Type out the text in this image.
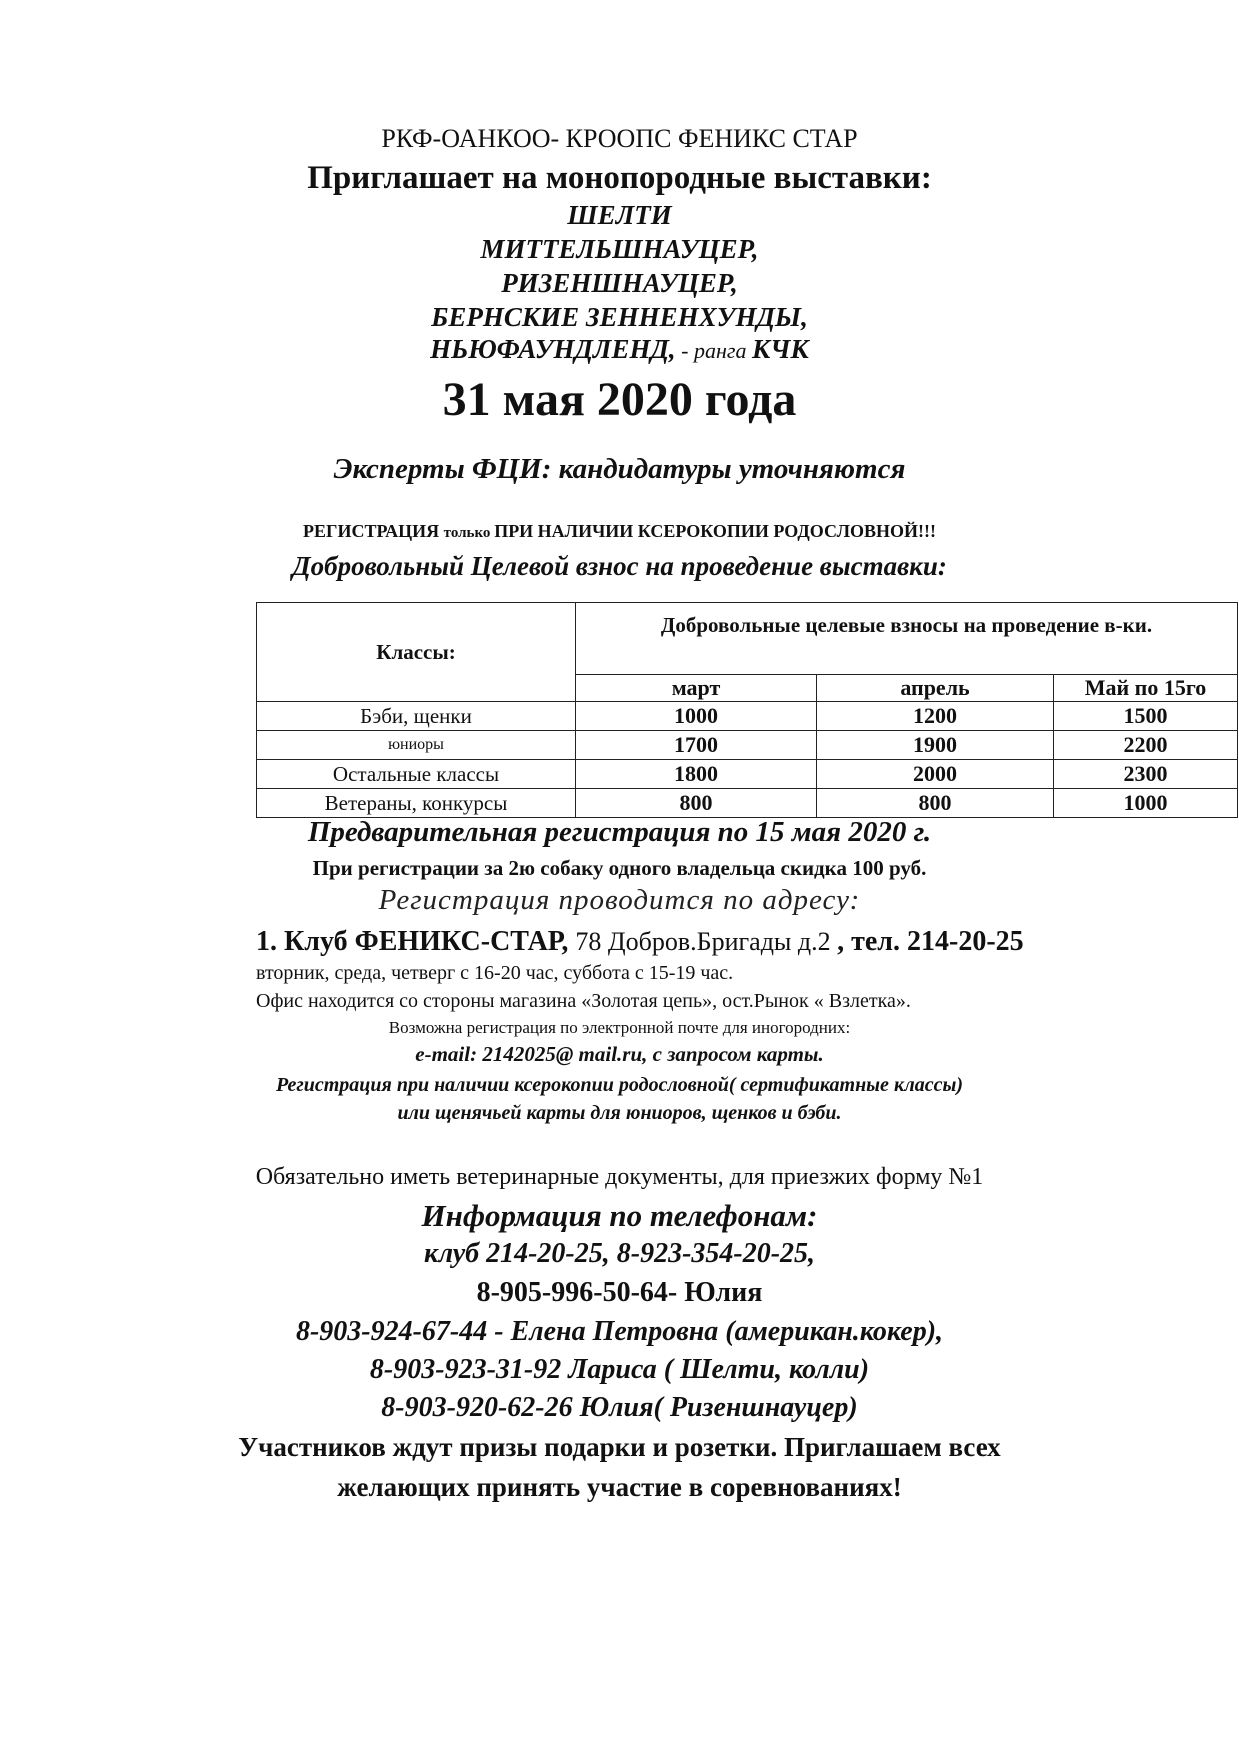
РКФ-ОАНКОО- КРООПС ФЕНИКС СТАР
Приглашает на монопородные выставки:
ШЕЛТИ
МИТТЕЛЬШНАУЦЕР,
РИЗЕНШНАУЦЕР,
БЕРНСКИЕ ЗЕННЕНХУНДЫ,
НЬЮФАУНДЛЕНД, - ранга КЧК
31 мая 2020 года
Эксперты ФЦИ: кандидатуры уточняются
РЕГИСТРАЦИЯ только ПРИ НАЛИЧИИ КСЕРОКОПИИ РОДОСЛОВНОЙ!!!
Добровольный Целевой взнос на проведение выставки:
Классы:	Добровольные целевые взносы на проведение в-ки.		
	март	апрель	Май по 15го
Бэби, щенки	1000	1200	1500
юниоры	1700	1900	2200
Остальные классы	1800	2000	2300
Ветераны, конкурсы	800	800	1000
Предварительная регистрация по 15 мая 2020 г.
При регистрации за 2ю собаку одного владельца скидка 100 руб.
Регистрация проводится по адресу:
1. Клуб ФЕНИКС-СТАР, 78 Добров.Бригады д.2 , тел. 214-20-25
вторник, среда, четверг с 16-20 час, суббота с 15-19 час.
Офис находится со стороны магазина «Золотая цепь», ост.Рынок « Взлетка».
Возможна регистрация по электронной почте для иногородних:
e-mail: 2142025@ mail.ru, с запросом карты.
Регистрация при наличии ксерокопии родословной( сертификатные классы)
или щенячьей карты для юниоров, щенков и бэби.
Обязательно иметь ветеринарные документы, для приезжих форму №1
Информация по телефонам:
клуб 214-20-25, 8-923-354-20-25,
8-905-996-50-64- Юлия
8-903-924-67-44 - Елена Петровна (американ.кокер),
8-903-923-31-92 Лариса ( Шелти, колли)
8-903-920-62-26 Юлия( Ризеншнауцер)
Участников ждут призы подарки и розетки. Приглашаем всех
желающих принять участие в соревнованиях!
